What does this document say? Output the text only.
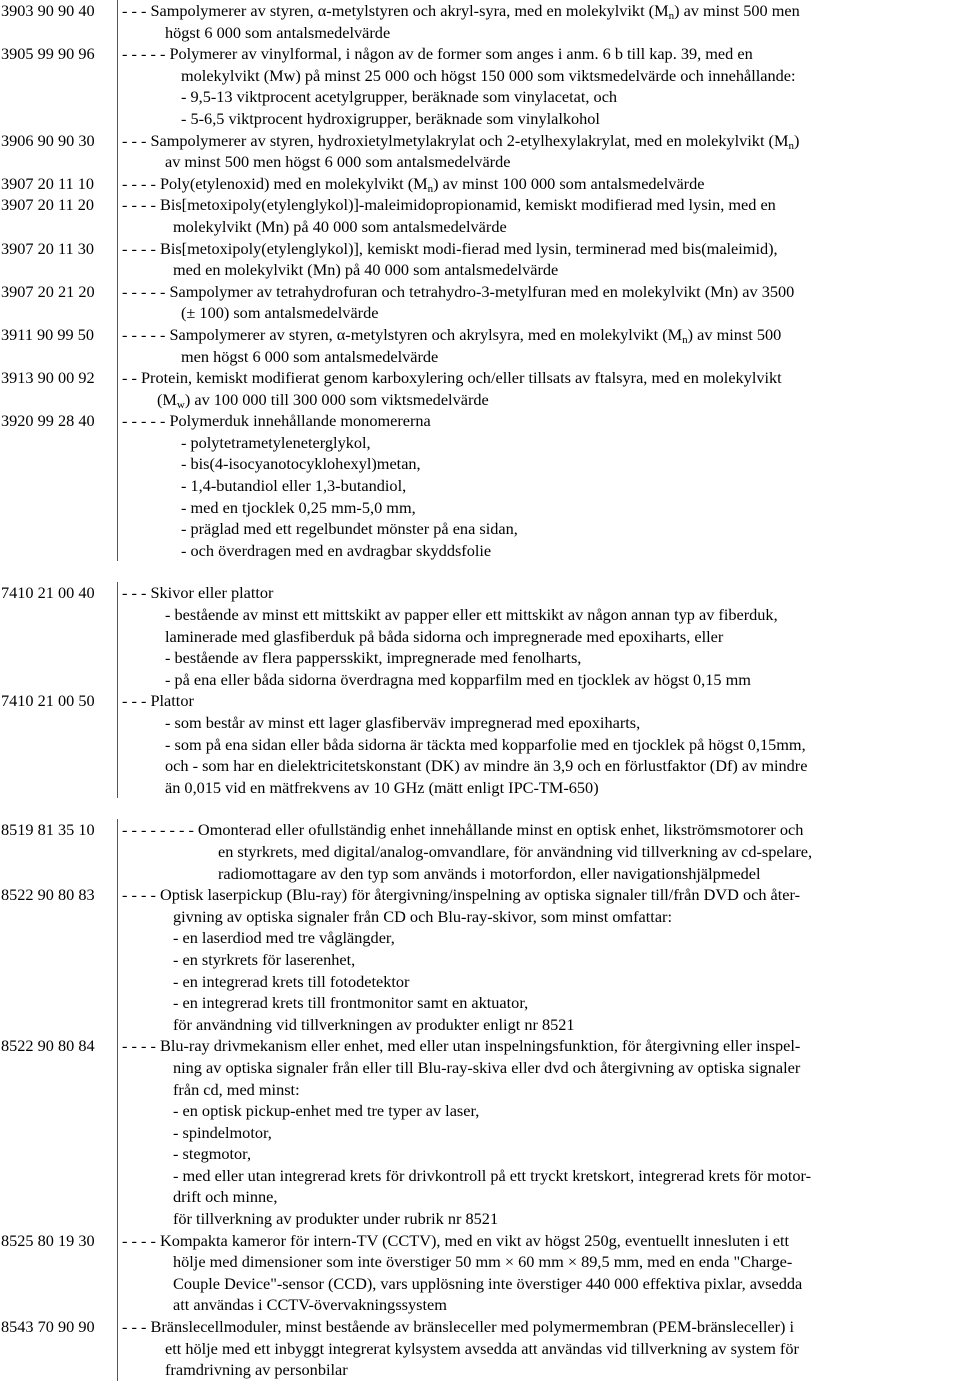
3903 90 90 40	- - - Sampolymerer av styren, α-metylstyren och akryl-syra, med en molekylvikt $(M_n)$ av minst 500 men
högst 6 000 som antalsmedelvärde
3905 99 90 96	- - - - - Polymerer av vinylformal, i någon av de former som anges i anm. 6 b till kap. 39, med en
molekylvikt (Mw) på minst 25 000 och högst 150 000 som viktsmedelvärde och innehållande:
- 9,5-13 viktprocent acetylgrupper, beräknade som vinylacetat, och
- 5-6,5 viktprocent hydroxigrupper, beräknade som vinylalkohol
3906 90 90 30	- - - Sampolymerer av styren, hydroxietylmetylakrylat och 2-etylhexylakrylat, med en molekylvikt $(M_n)$
av minst 500 men högst 6 000 som antalsmedelvärde
3907 20 11 10	- - - - Poly(etylenoxid) med en molekylvikt $(M_n)$ av minst 100 000 som antalsmedelvärde
3907 20 11 20	- - - - Bis[metoxipoly(etylenglykol)]-maleimidopropionamid, kemiskt modifierad med lysin, med en
molekylvikt (Mn) på 40 000 som antalsmedelvärde
3907 20 11 30	- - - - Bis[metoxipoly(etylenglykol)], kemiskt modi-fierad med lysin, terminerad med bis(maleimid),
med en molekylvikt (Mn) på 40 000 som antalsmedelvärde
3907 20 21 20	- - - - - Sampolymer av tetrahydrofuran och tetrahydro-3-metylfuran med en molekylvikt (Mn) av 3500
(± 100) som antalsmedelvärde
3911 90 99 50	- - - - - Sampolymerer av styren, α-metylstyren och akrylsyra, med en molekylvikt $(M_n)$ av minst 500
men högst 6 000 som antalsmedelvärde
3913 90 00 92	- - Protein, kemiskt modifierat genom karboxylering och/eller tillsats av ftalsyra, med en molekylvikt
$(M_w)$ av 100 000 till 300 000 som viktsmedelvärde
3920 99 28 40	- - - - - Polymerduk innehållande monomererna
- polytetrametyleneterglykol,
- bis(4-isocyanotocyklohexyl)metan,
- 1,4-butandiol eller 1,3-butandiol,
- med en tjocklek 0,25 mm-5,0 mm,
- präglad med ett regelbundet mönster på ena sidan,
- och överdragen med en avdragbar skyddsfolie
7410 21 00 40	- - - Skivor eller plattor
- bestående av minst ett mittskikt av papper eller ett mittskikt av någon annan typ av fiberduk,
laminerade med glasfiberduk på båda sidorna och impregnerade med epoxiharts, eller
- bestående av flera pappersskikt, impregnerade med fenolharts,
- på ena eller båda sidorna överdragna med kopparfilm med en tjocklek av högst 0,15 mm
7410 21 00 50	- - - Plattor
- som består av minst ett lager glasfiberväv impregnerad med epoxiharts,
- som på ena sidan eller båda sidorna är täckta med kopparfolie med en tjocklek på högst 0,15mm,
och - som har en dielektricitetskonstant (DK) av mindre än 3,9 och en förlustfaktor (Df) av mindre
än 0,015 vid en mätfrekvens av 10 GHz (mätt enligt IPC-TM-650)
8519 81 35 10	- - - - - - - - Omonterad eller ofullständig enhet innehållande minst en optisk enhet, likströmsmotorer och
en styrkrets, med digital/analog-omvandlare, för användning vid tillverkning av cd-spelare,
radiomottagare av den typ som används i motorfordon, eller navigationshjälpmedel
8522 90 80 83	- - - - Optisk laserpickup (Blu-ray) för återgivning/inspelning av optiska signaler till/från DVD och åter-
givning av optiska signaler från CD och Blu-ray-skivor, som minst omfattar:
- en laserdiod med tre våglängder,
- en styrkrets för laserenhet,
- en integrerad krets till fotodetektor
- en integrerad krets till frontmonitor samt en aktuator,
för användning vid tillverkningen av produkter enligt nr 8521
8522 90 80 84	- - - - Blu-ray drivmekanism eller enhet, med eller utan inspelningsfunktion, för återgivning eller inspel-
ning av optiska signaler från eller till Blu-ray-skiva eller dvd och återgivning av optiska signaler
från cd, med minst:
- en optisk pickup-enhet med tre typer av laser,
- spindelmotor,
- stegmotor,
- med eller utan integrerad krets för drivkontroll på ett tryckt kretskort, integrerad krets för motor-
drift och minne,
för tillverkning av produkter under rubrik nr 8521
8525 80 19 30	- - - - Kompakta kameror för intern-TV (CCTV), med en vikt av högst 250g, eventuellt innesluten i ett
hölje med dimensioner som inte överstiger 50 mm × 60 mm × 89,5 mm, med en enda "Charge-
Couple Device"-sensor (CCD), vars upplösning inte överstiger 440 000 effektiva pixlar, avsedda
att användas i CCTV-övervakningssystem
8543 70 90 90	- - - Bränslecellmoduler, minst bestående av bränsleceller med polymermembran (PEM-bränsleceller) i
ett hölje med ett inbyggt integrerat kylsystem avsedda att användas vid tillverkning av system för
framdrivning av personbilar
